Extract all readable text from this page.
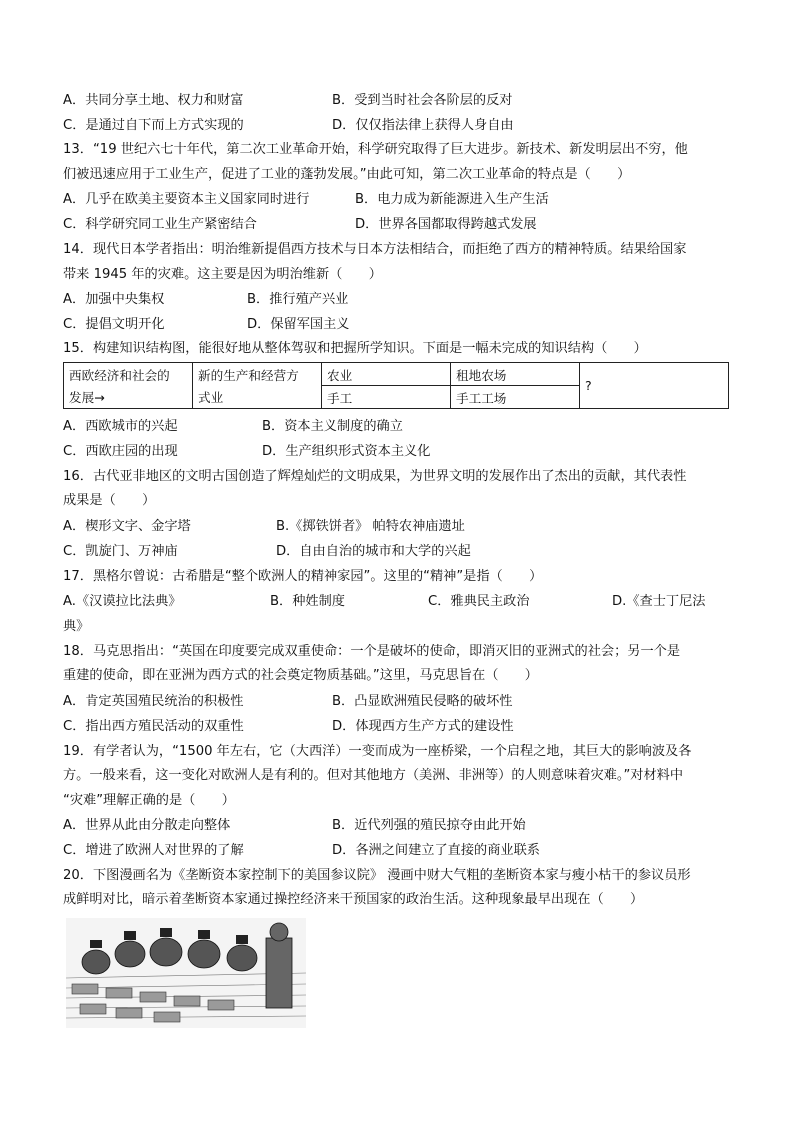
A．共同分享土地、权力和财富	B．受到当时社会各阶层的反对
C．是通过自下而上方式实现的	D．仅仅指法律上获得人身自由
13．“19 世纪六七十年代，第二次工业革命开始，科学研究取得了巨大进步。新技术、新发明层出不穷，他
们被迅速应用于工业生产，促进了工业的蓬勃发展。”由此可知，第二次工业革命的特点是（　　）
A．几乎在欧美主要资本主义国家同时进行	B．电力成为新能源进入生产生活
C．科学研究同工业生产紧密结合	D．世界各国都取得跨越式发展
14．现代日本学者指出：明治维新提倡西方技术与日本方法相结合，而拒绝了西方的精神特质。结果给国家
带来 1945 年的灾难。这主要是因为明治维新（　　）
A．加强中央集权	B．推行殖产兴业
C．提倡文明开化	D．保留军国主义
15．构建知识结构图，能很好地从整体驾驭和把握所学知识。下面是一幅未完成的知识结构（　　）
西欧经济和社会的	新的生产和经营方	农业	租地农场	?
发展→	式业	手工	手工工场	
A．西欧城市的兴起	B．资本主义制度的确立
C．西欧庄园的出现	D．生产组织形式资本主义化
16．古代亚非地区的文明古国创造了辉煌灿烂的文明成果，为世界文明的发展作出了杰出的贡献，其代表性
成果是（　　）
A．楔形文字、金字塔	B.《掷铁饼者》 帕特农神庙遗址
C．凯旋门、万神庙	D．自由自治的城市和大学的兴起
17．黑格尔曾说：古希腊是“整个欧洲人的精神家园”。这里的“精神”是指（　　）
A.《汉谟拉比法典》	B．种姓制度	C．雅典民主政治	D.《查士丁尼法
典》
18．马克思指出：“英国在印度要完成双重使命：一个是破坏的使命，即消灭旧的亚洲式的社会；另一个是
重建的使命，即在亚洲为西方式的社会奠定物质基础。”这里，马克思旨在（　　）
A．肯定英国殖民统治的积极性	B．凸显欧洲殖民侵略的破坏性
C．指出西方殖民活动的双重性	D．体现西方生产方式的建设性
19．有学者认为，“1500 年左右，它（大西洋）一变而成为一座桥梁，一个启程之地，其巨大的影响波及各
方。一般来看，这一变化对欧洲人是有利的。但对其他地方（美洲、非洲等）的人则意味着灾难。”对材料中
“灾难”理解正确的是（　　）
A．世界从此由分散走向整体	B．近代列强的殖民掠夺由此开始
C．增进了欧洲人对世界的了解	D．各洲之间建立了直接的商业联系
20．下图漫画名为《垄断资本家控制下的美国参议院》 漫画中财大气粗的垄断资本家与瘦小枯干的参议员形
成鲜明对比，暗示着垄断资本家通过操控经济来干预国家的政治生活。这种现象最早出现在（　　）
